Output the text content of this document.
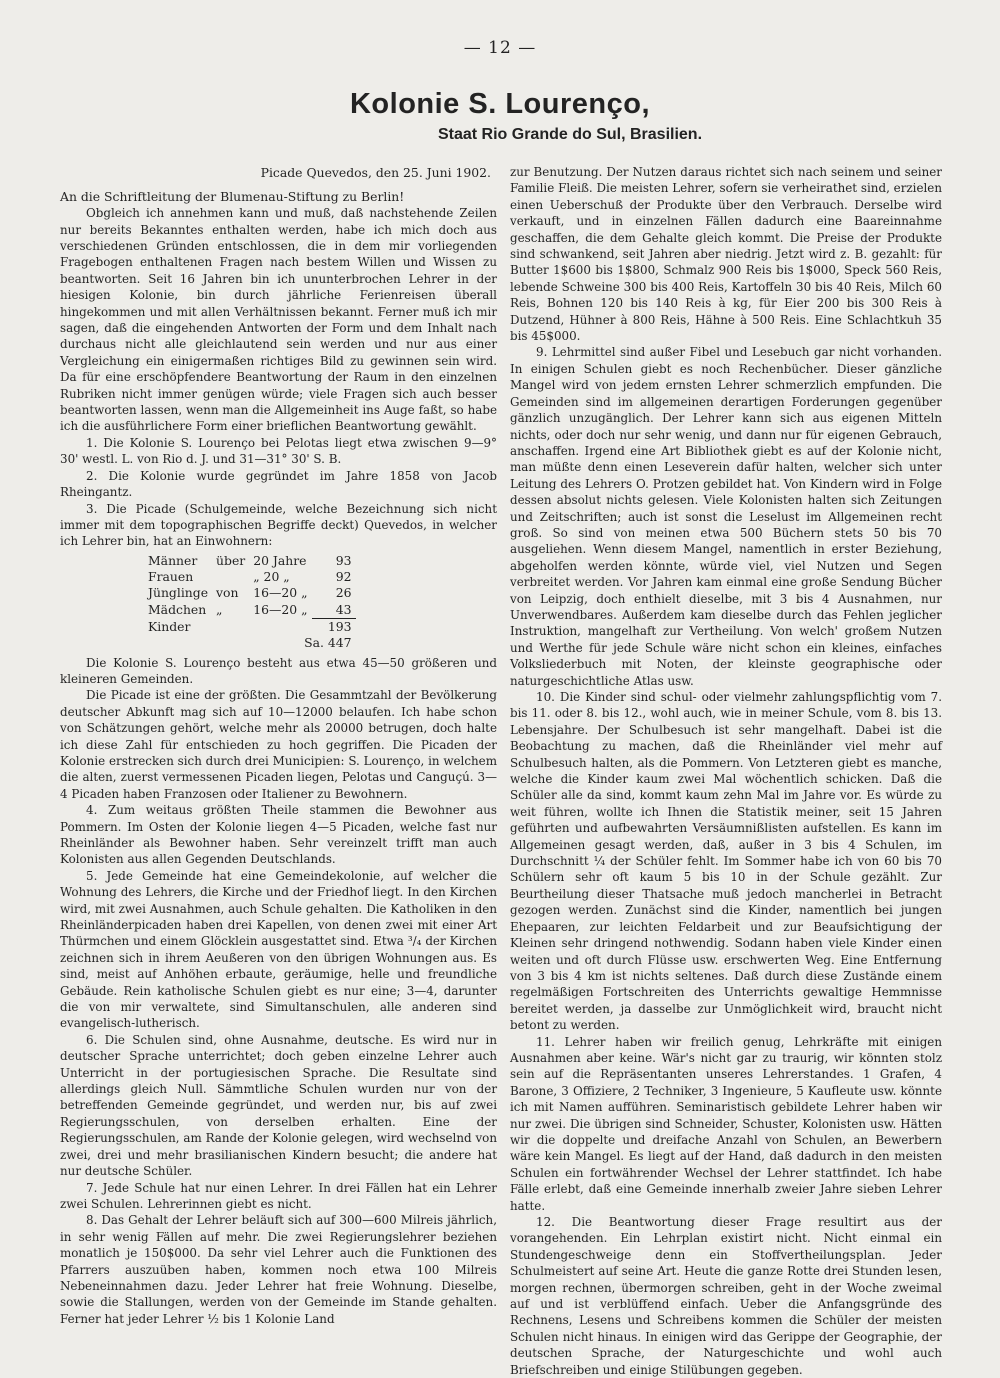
— 12 —
Kolonie S. Lourenço,
Staat Rio Grande do Sul, Brasilien.

Picade Quevedos, den 25. Juni 1902.

An die Schriftleitung der Blumenau-Stiftung zu Berlin!

Obgleich ich annehmen kann und muß, daß nachstehende Zeilen nur bereits Bekanntes enthalten werden, habe ich mich doch aus verschiedenen Gründen entschlossen, die in dem mir vorliegenden Fragebogen enthaltenen Fragen nach bestem Willen und Wissen zu beantworten. Seit 16 Jahren bin ich ununterbrochen Lehrer in der hiesigen Kolonie, bin durch jährliche Ferienreisen überall hingekommen und mit allen Verhältnissen bekannt. Ferner muß ich mir sagen, daß die eingehenden Antworten der Form und dem Inhalt nach durchaus nicht alle gleichlautend sein werden und nur aus einer Vergleichung ein einigermaßen richtiges Bild zu gewinnen sein wird. Da für eine erschöpfendere Beantwortung der Raum in den einzelnen Rubriken nicht immer genügen würde; viele Fragen sich auch besser beantworten lassen, wenn man die Allgemeinheit ins Auge faßt, so habe ich die ausführlichere Form einer brieflichen Beantwortung gewählt.

1. Die Kolonie S. Lourenço bei Pelotas liegt etwa zwischen 9—9° 30' westl. L. von Rio d. J. und 31—31° 30' S. B.

2. Die Kolonie wurde gegründet im Jahre 1858 von Jacob Rheingantz.

3. Die Picade (Schulgemeinde, welche Bezeichnung sich nicht immer mit dem topographischen Begriffe deckt) Quevedos, in welcher ich Lehrer bin, hat an Einwohnern:

Männer	über	20 Jahre	93
Frauen		„ 20 „	92
Jünglinge	von	16—20 „	26
Mädchen	„	16—20 „	43
Kinder			193
Sa. 447			

Die Kolonie S. Lourenço besteht aus etwa 45—50 größeren und kleineren Gemeinden.

Die Picade ist eine der größten. Die Gesammtzahl der Bevölkerung deutscher Abkunft mag sich auf 10—12000 belaufen. Ich habe schon von Schätzungen gehört, welche mehr als 20000 betrugen, doch halte ich diese Zahl für entschieden zu hoch gegriffen. Die Picaden der Kolonie erstrecken sich durch drei Municipien: S. Lourenço, in welchem die alten, zuerst vermessenen Picaden liegen, Pelotas und Canguçú. 3—4 Picaden haben Franzosen oder Italiener zu Bewohnern.

4. Zum weitaus größten Theile stammen die Bewohner aus Pommern. Im Osten der Kolonie liegen 4—5 Picaden, welche fast nur Rheinländer als Bewohner haben. Sehr vereinzelt trifft man auch Kolonisten aus allen Gegenden Deutschlands.

5. Jede Gemeinde hat eine Gemeindekolonie, auf welcher die Wohnung des Lehrers, die Kirche und der Friedhof liegt. In den Kirchen wird, mit zwei Ausnahmen, auch Schule gehalten. Die Katholiken in den Rheinländerpicaden haben drei Kapellen, von denen zwei mit einer Art Thürmchen und einem Glöcklein ausgestattet sind. Etwa ³/₄ der Kirchen zeichnen sich in ihrem Aeußeren von den übrigen Wohnungen aus. Es sind, meist auf Anhöhen erbaute, geräumige, helle und freundliche Gebäude. Rein katholische Schulen giebt es nur eine; 3—4, darunter die von mir verwaltete, sind Simultanschulen, alle anderen sind evangelisch-lutherisch.

6. Die Schulen sind, ohne Ausnahme, deutsche. Es wird nur in deutscher Sprache unterrichtet; doch geben einzelne Lehrer auch Unterricht in der portugiesischen Sprache. Die Resultate sind allerdings gleich Null. Sämmtliche Schulen wurden nur von der betreffenden Gemeinde gegründet, und werden nur, bis auf zwei Regierungsschulen, von derselben erhalten. Eine der Regierungsschulen, am Rande der Kolonie gelegen, wird wechselnd von zwei, drei und mehr brasilianischen Kindern besucht; die andere hat nur deutsche Schüler.

7. Jede Schule hat nur einen Lehrer. In drei Fällen hat ein Lehrer zwei Schulen. Lehrerinnen giebt es nicht.

8. Das Gehalt der Lehrer beläuft sich auf 300—600 Milreis jährlich, in sehr wenig Fällen auf mehr. Die zwei Regierungslehrer beziehen monatlich je 150$000. Da sehr viel Lehrer auch die Funktionen des Pfarrers auszuüben haben, kommen noch etwa 100 Milreis Nebeneinnahmen dazu. Jeder Lehrer hat freie Wohnung. Dieselbe, sowie die Stallungen, werden von der Gemeinde im Stande gehalten. Ferner hat jeder Lehrer ½ bis 1 Kolonie Land

zur Benutzung. Der Nutzen daraus richtet sich nach seinem und seiner Familie Fleiß. Die meisten Lehrer, sofern sie verheirathet sind, erzielen einen Ueberschuß der Produkte über den Verbrauch. Derselbe wird verkauft, und in einzelnen Fällen dadurch eine Baareinnahme geschaffen, die dem Gehalte gleich kommt. Die Preise der Produkte sind schwankend, seit Jahren aber niedrig. Jetzt wird z. B. gezahlt: für Butter 1$600 bis 1$800, Schmalz 900 Reis bis 1$000, Speck 560 Reis, lebende Schweine 300 bis 400 Reis, Kartoffeln 30 bis 40 Reis, Milch 60 Reis, Bohnen 120 bis 140 Reis à kg, für Eier 200 bis 300 Reis à Dutzend, Hühner à 800 Reis, Hähne à 500 Reis. Eine Schlachtkuh 35 bis 45$000.

9. Lehrmittel sind außer Fibel und Lesebuch gar nicht vorhanden. In einigen Schulen giebt es noch Rechenbücher. Dieser gänzliche Mangel wird von jedem ernsten Lehrer schmerzlich empfunden. Die Gemeinden sind im allgemeinen derartigen Forderungen gegenüber gänzlich unzugänglich. Der Lehrer kann sich aus eigenen Mitteln nichts, oder doch nur sehr wenig, und dann nur für eigenen Gebrauch, anschaffen. Irgend eine Art Bibliothek giebt es auf der Kolonie nicht, man müßte denn einen Leseverein dafür halten, welcher sich unter Leitung des Lehrers O. Protzen gebildet hat. Von Kindern wird in Folge dessen absolut nichts gelesen. Viele Kolonisten halten sich Zeitungen und Zeitschriften; auch ist sonst die Leselust im Allgemeinen recht groß. So sind von meinen etwa 500 Büchern stets 50 bis 70 ausgeliehen. Wenn diesem Mangel, namentlich in erster Beziehung, abgeholfen werden könnte, würde viel, viel Nutzen und Segen verbreitet werden. Vor Jahren kam einmal eine große Sendung Bücher von Leipzig, doch enthielt dieselbe, mit 3 bis 4 Ausnahmen, nur Unverwendbares. Außerdem kam dieselbe durch das Fehlen jeglicher Instruktion, mangelhaft zur Vertheilung. Von welch' großem Nutzen und Werthe für jede Schule wäre nicht schon ein kleines, einfaches Volksliederbuch mit Noten, der kleinste geographische oder naturgeschichtliche Atlas usw.

10. Die Kinder sind schul- oder vielmehr zahlungspflichtig vom 7. bis 11. oder 8. bis 12., wohl auch, wie in meiner Schule, vom 8. bis 13. Lebensjahre. Der Schulbesuch ist sehr mangelhaft. Dabei ist die Beobachtung zu machen, daß die Rheinländer viel mehr auf Schulbesuch halten, als die Pommern. Von Letzteren giebt es manche, welche die Kinder kaum zwei Mal wöchentlich schicken. Daß die Schüler alle da sind, kommt kaum zehn Mal im Jahre vor. Es würde zu weit führen, wollte ich Ihnen die Statistik meiner, seit 15 Jahren geführten und aufbewahrten Versäumnißlisten aufstellen. Es kann im Allgemeinen gesagt werden, daß, außer in 3 bis 4 Schulen, im Durchschnitt ¼ der Schüler fehlt. Im Sommer habe ich von 60 bis 70 Schülern sehr oft kaum 5 bis 10 in der Schule gezählt. Zur Beurtheilung dieser Thatsache muß jedoch mancherlei in Betracht gezogen werden. Zunächst sind die Kinder, namentlich bei jungen Ehepaaren, zur leichten Feldarbeit und zur Beaufsichtigung der Kleinen sehr dringend nothwendig. Sodann haben viele Kinder einen weiten und oft durch Flüsse usw. erschwerten Weg. Eine Entfernung von 3 bis 4 km ist nichts seltenes. Daß durch diese Zustände einem regelmäßigen Fortschreiten des Unterrichts gewaltige Hemmnisse bereitet werden, ja dasselbe zur Unmöglichkeit wird, braucht nicht betont zu werden.

11. Lehrer haben wir freilich genug, Lehrkräfte mit einigen Ausnahmen aber keine. Wär's nicht gar zu traurig, wir könnten stolz sein auf die Repräsentanten unseres Lehrerstandes. 1 Grafen, 4 Barone, 3 Offiziere, 2 Techniker, 3 Ingenieure, 5 Kaufleute usw. könnte ich mit Namen aufführen. Seminaristisch gebildete Lehrer haben wir nur zwei. Die übrigen sind Schneider, Schuster, Kolonisten usw. Hätten wir die doppelte und dreifache Anzahl von Schulen, an Bewerbern wäre kein Mangel. Es liegt auf der Hand, daß dadurch in den meisten Schulen ein fortwährender Wechsel der Lehrer stattfindet. Ich habe Fälle erlebt, daß eine Gemeinde innerhalb zweier Jahre sieben Lehrer hatte.

12. Die Beantwortung dieser Frage resultirt aus der vorangehenden. Ein Lehrplan existirt nicht. Nicht einmal ein Stundengeschweige denn ein Stoffvertheilungsplan. Jeder Schulmeistert auf seine Art. Heute die ganze Rotte drei Stunden lesen, morgen rechnen, übermorgen schreiben, geht in der Woche zweimal auf und ist verblüffend einfach. Ueber die Anfangsgründe des Rechnens, Lesens und Schreibens kommen die Schüler der meisten Schulen nicht hinaus. In einigen wird das Gerippe der Geographie, der deutschen Sprache, der Naturgeschichte und wohl auch Briefschreiben und einige Stilübungen gegeben.
